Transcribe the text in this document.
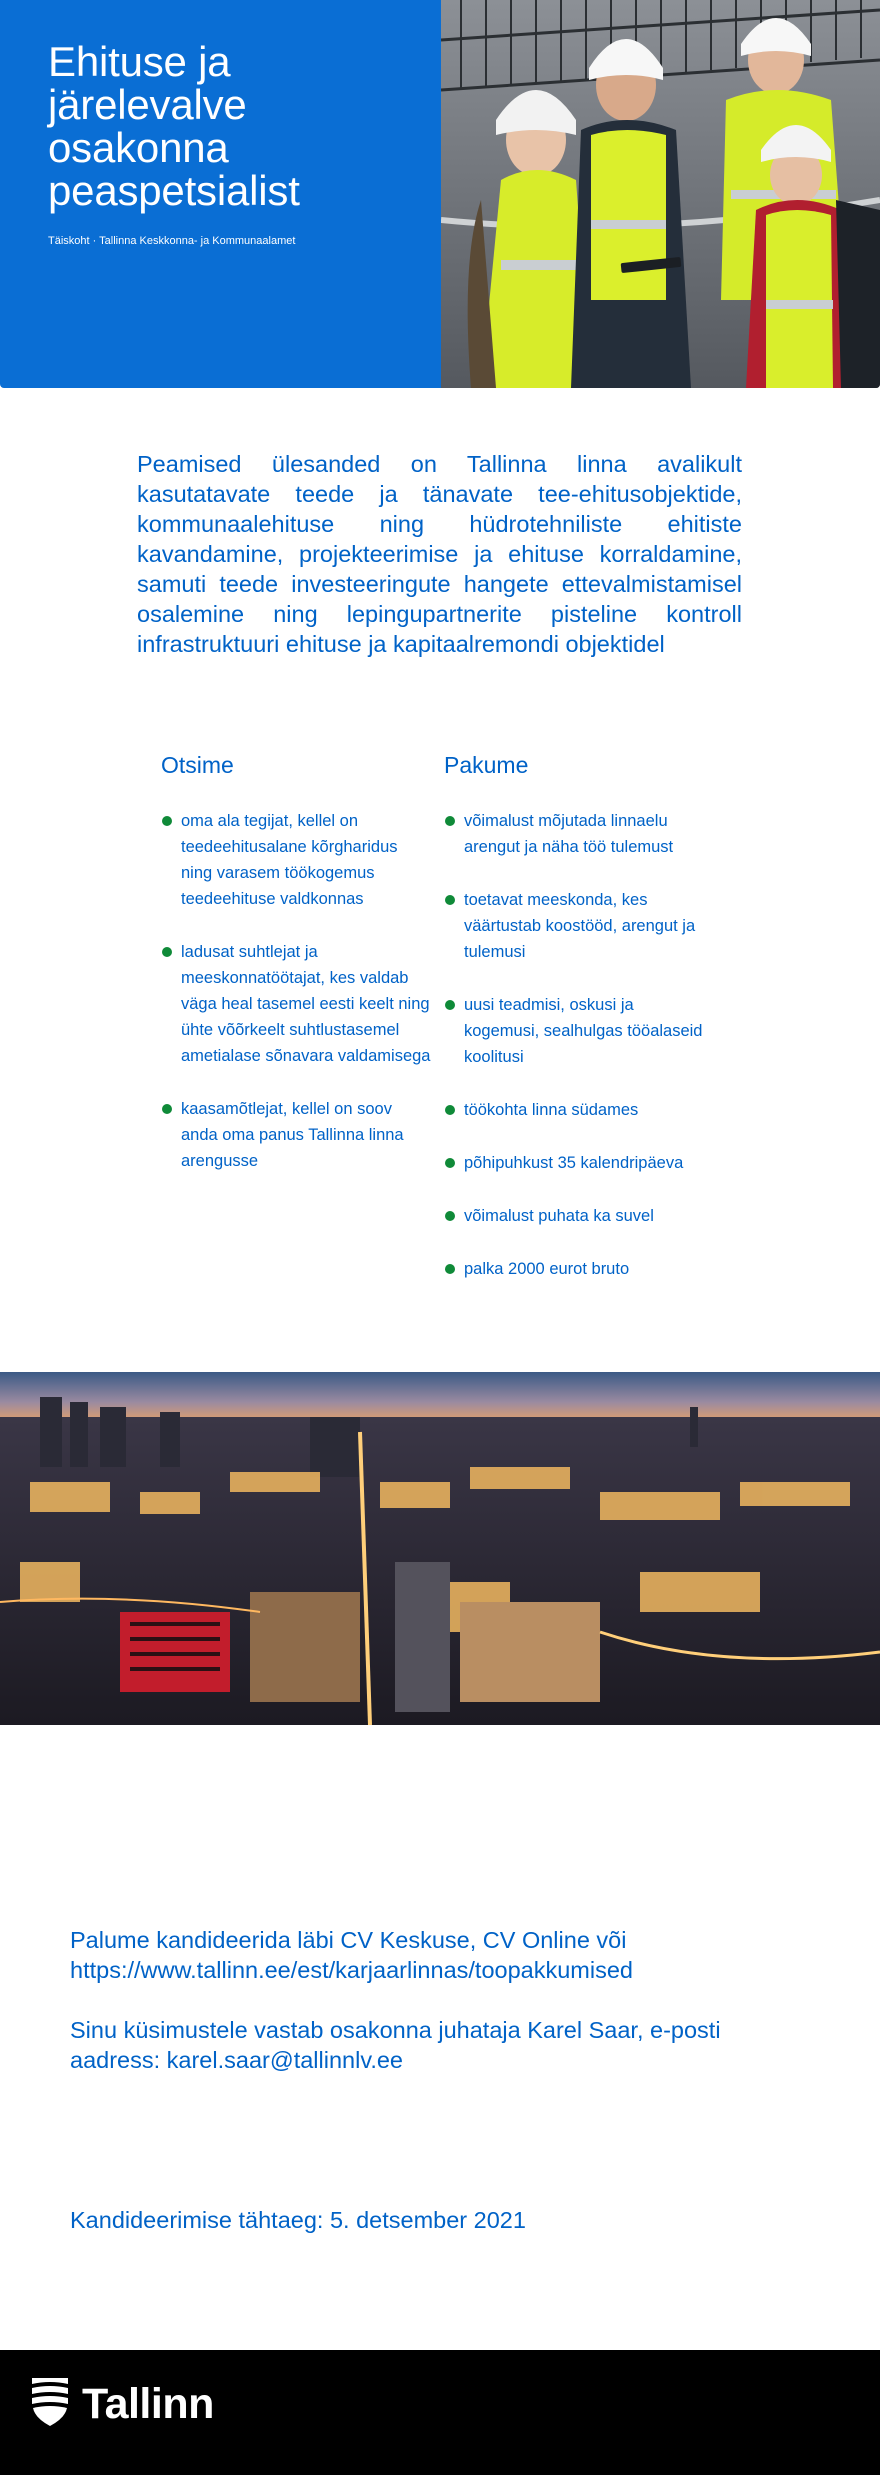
Ehituse ja järelevalve osakonna peaspetsialist
Täiskoht · Tallinna Keskkonna- ja Kommunaalamet

Peamised ülesanded on Tallinna linna avalikult kasutatavate teede ja tänavate tee-ehitusobjektide, kommunaalehituse ning hüdrotehniliste ehitiste kavandamine, projekteerimise ja ehituse korraldamine, samuti teede investeeringute hangete ettevalmistamisel osalemine ning lepingupartnerite pisteline kontroll infrastruktuuri ehituse ja kapitaalremondi objektidel

Otsime
oma ala tegijat, kellel on teedeehitusalane kõrgharidus ning varasem töökogemus teedeehituse valdkonnas
ladusat suhtlejat ja meeskonnatöötajat, kes valdab väga heal tasemel eesti keelt ning ühte võõrkeelt suhtlustasemel ametialase sõnavara valdamisega
kaasamõtlejat, kellel on soov anda oma panus Tallinna linna arengusse
Pakume
võimalust mõjutada linnaelu arengut ja näha töö tulemust
toetavat meeskonda, kes väärtustab koostööd, arengut ja tulemusi
uusi teadmisi, oskusi ja kogemusi, sealhulgas tööalaseid koolitusi
töökohta linna südames
põhipuhkust 35 kalendripäeva
võimalust puhata ka suvel
palka 2000 eurot bruto

Palume kandideerida läbi CV Keskuse, CV Online või https://www.tallinn.ee/est/karjaarlinnas/toopakkumised

Sinu küsimustele vastab osakonna juhataja Karel Saar, e-posti aadress: karel.saar@tallinnlv.ee

Kandideerimise tähtaeg: 5. detsember 2021

Tallinn
